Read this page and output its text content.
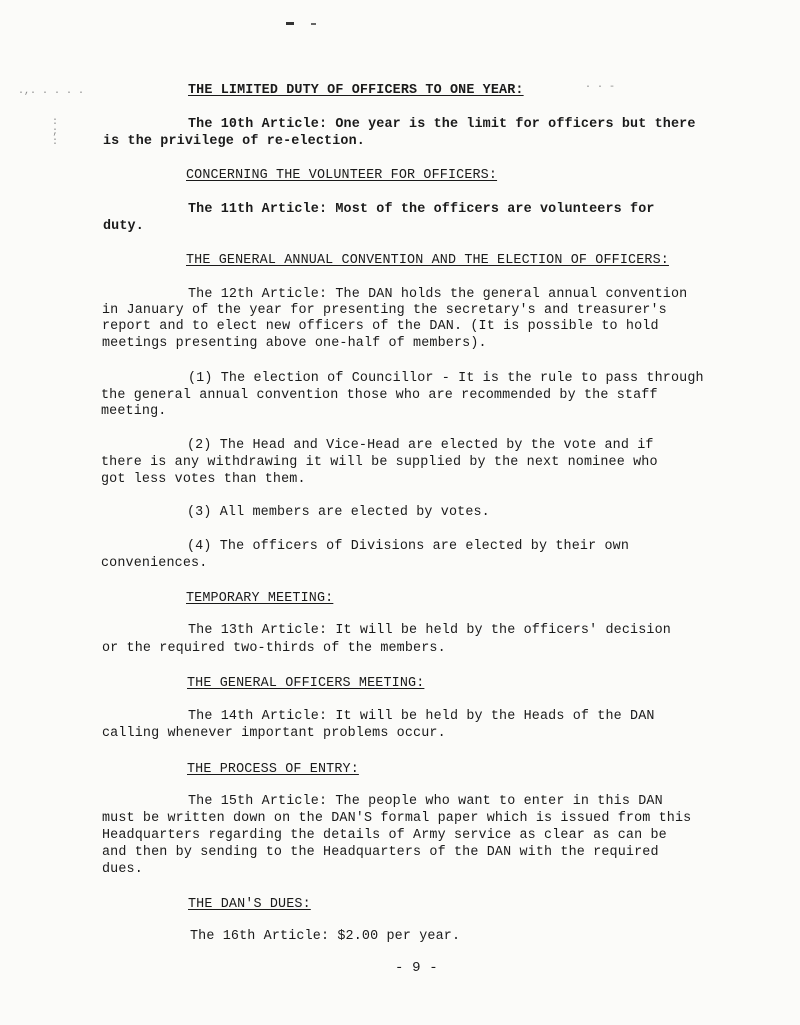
.,. . . . .
:
;
:
· · -
THE LIMITED DUTY OF OFFICERS TO ONE YEAR:
The 10th Article: One year is the limit for officers but there
is the privilege of re-election.
CONCERNING THE VOLUNTEER FOR OFFICERS:
The 11th Article: Most of the officers are volunteers for
duty.
THE GENERAL ANNUAL CONVENTION AND THE ELECTION OF OFFICERS:
The 12th Article: The DAN holds the general annual convention
in January of the year for presenting the secretary's and treasurer's
report and to elect new officers of the DAN. (It is possible to hold
meetings presenting above one-half of members).
(1) The election of Councillor - It is the rule to pass through
the general annual convention those who are recommended by the staff
meeting.
(2) The Head and Vice-Head are elected by the vote and if
there is any withdrawing it will be supplied by the next nominee who
got less votes than them.
(3) All members are elected by votes.
(4) The officers of Divisions are elected by their own
conveniences.
TEMPORARY MEETING:
The 13th Article: It will be held by the officers' decision
or the required two-thirds of the members.
THE GENERAL OFFICERS MEETING:
The 14th Article: It will be held by the Heads of the DAN
calling whenever important problems occur.
THE PROCESS OF ENTRY:
The 15th Article: The people who want to enter in this DAN
must be written down on the DAN'S formal paper which is issued from this
Headquarters regarding the details of Army service as clear as can be
and then by sending to the Headquarters of the DAN with the required
dues.
THE DAN'S DUES:
The 16th Article: $2.00 per year.
- 9 -
